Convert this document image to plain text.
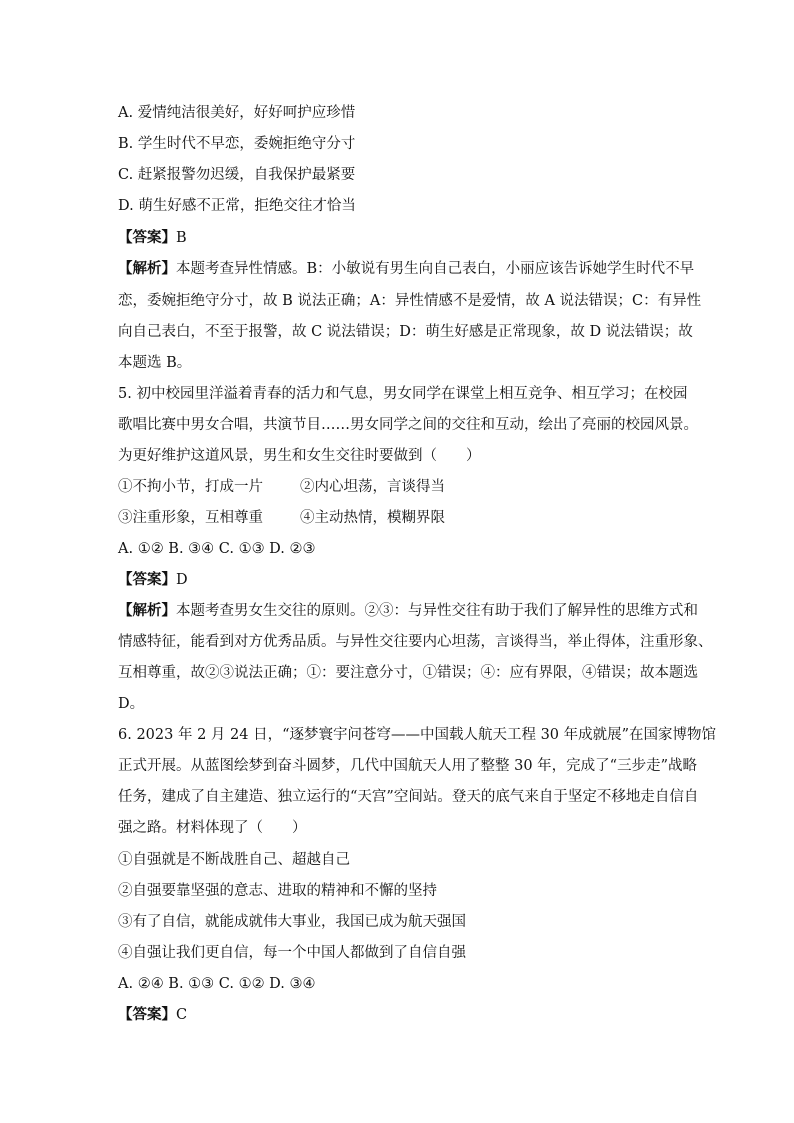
A. 爱情纯洁很美好，好好呵护应珍惜
B. 学生时代不早恋，委婉拒绝守分寸
C. 赶紧报警勿迟缓，自我保护最紧要
D. 萌生好感不正常，拒绝交往才恰当
【答案】B
【解析】本题考查异性情感。B：小敏说有男生向自己表白，小丽应该告诉她学生时代不早
恋，委婉拒绝守分寸，故 B 说法正确；A：异性情感不是爱情，故 A 说法错误；C：有异性
向自己表白，不至于报警，故 C 说法错误；D：萌生好感是正常现象，故 D 说法错误；故
本题选 B。
5. 初中校园里洋溢着青春的活力和气息，男女同学在课堂上相互竞争、相互学习；在校园
歌唱比赛中男女合唱，共演节目……男女同学之间的交往和互动，绘出了亮丽的校园风景。
为更好维护这道风景，男生和女生交往时要做到（　　）
①不拘小节，打成一片	②内心坦荡，言谈得当
③注重形象，互相尊重	④主动热情，模糊界限
A. ①② B. ③④ C. ①③ D. ②③
【答案】D
【解析】本题考查男女生交往的原则。②③：与异性交往有助于我们了解异性的思维方式和
情感特征，能看到对方优秀品质。与异性交往要内心坦荡，言谈得当，举止得体，注重形象、
互相尊重，故②③说法正确；①：要注意分寸，①错误；④：应有界限，④错误；故本题选
D。
6. 2023 年 2 月 24 日，“逐梦寰宇问苍穹——中国载人航天工程 30 年成就展”在国家博物馆
正式开展。从蓝图绘梦到奋斗圆梦，几代中国航天人用了整整 30 年，完成了“三步走”战略
任务，建成了自主建造、独立运行的“天宫”空间站。登天的底气来自于坚定不移地走自信自
强之路。材料体现了（　　）
①自强就是不断战胜自己、超越自己
②自强要靠坚强的意志、进取的精神和不懈的坚持
③有了自信，就能成就伟大事业，我国已成为航天强国
④自强让我们更自信，每一个中国人都做到了自信自强
A. ②④ B. ①③ C. ①② D. ③④
【答案】C
